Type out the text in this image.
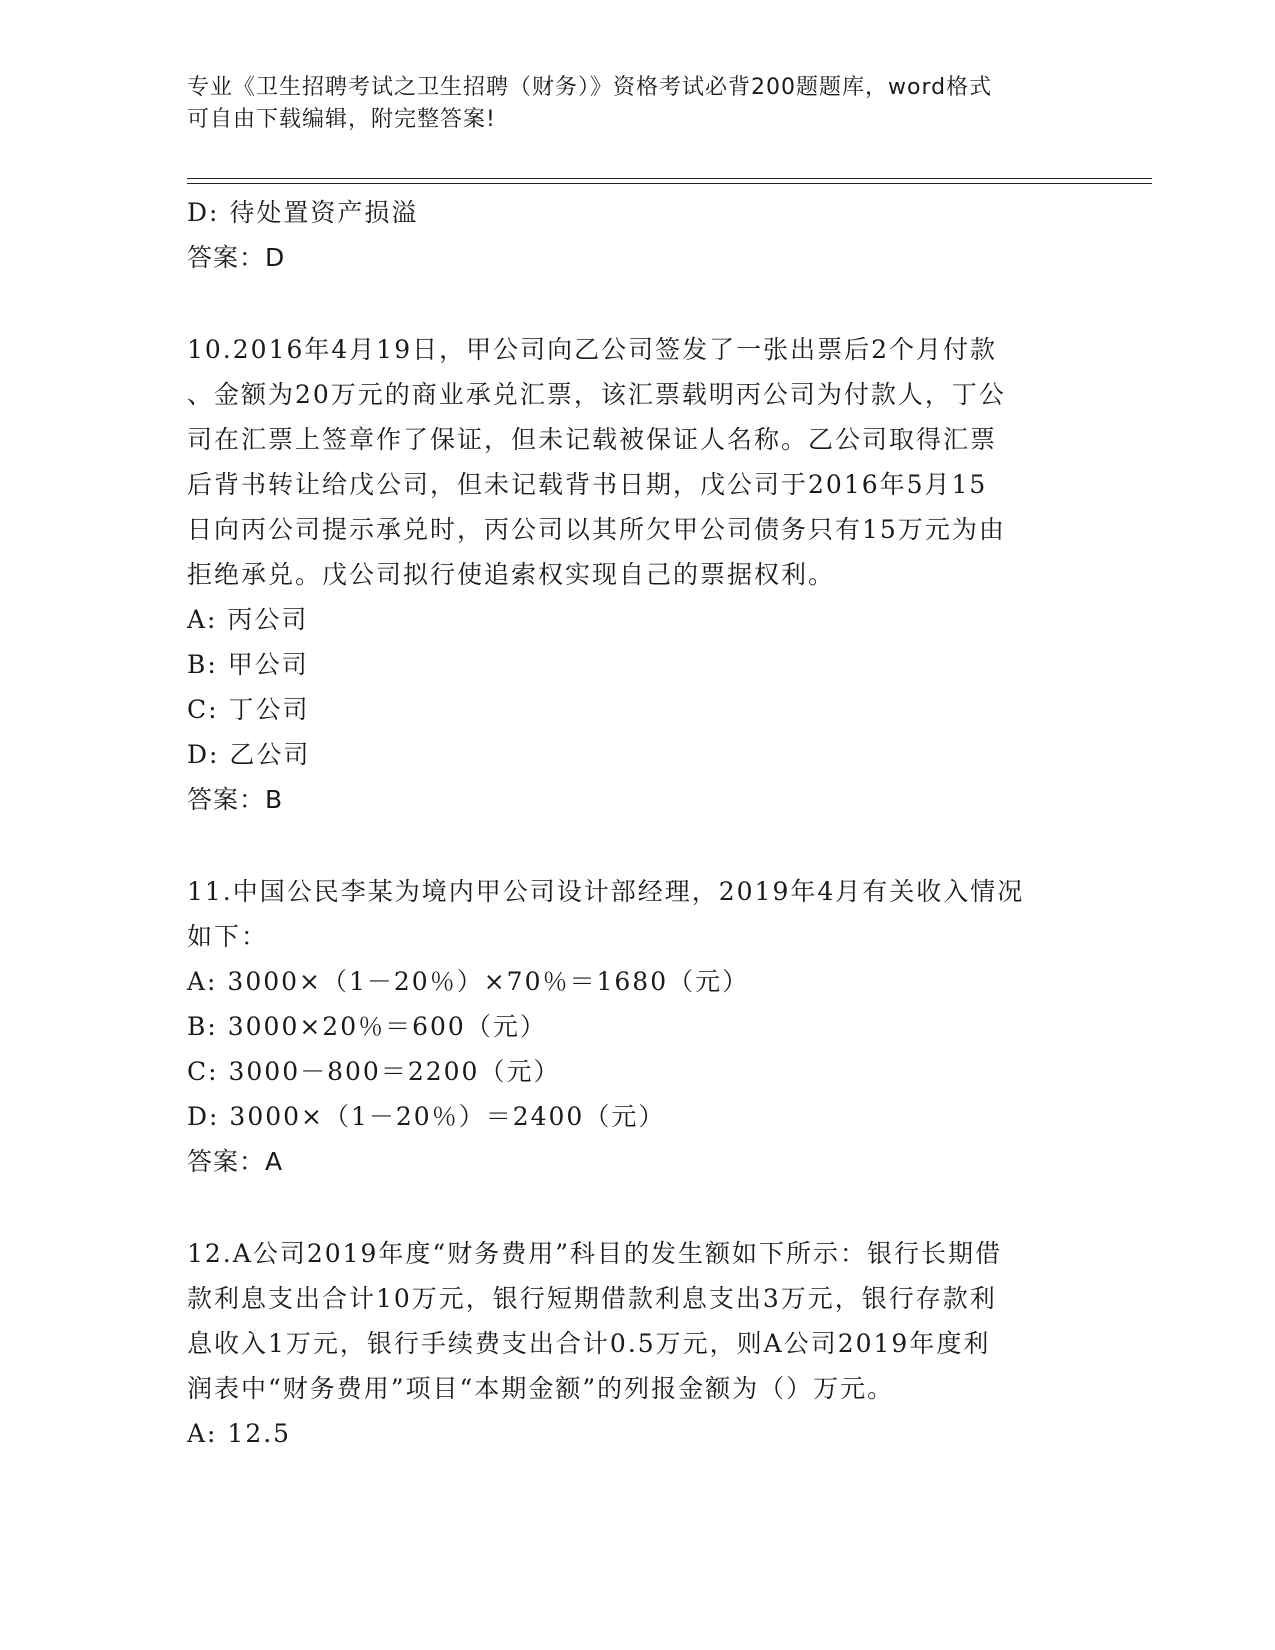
专业《卫生招聘考试之卫生招聘（财务）》资格考试必背200题题库，word格式
可自由下载编辑，附完整答案!
D: 待处置资产损溢
答案：D
10.2016年4月19日，甲公司向乙公司签发了一张出票后2个月付款
、金额为20万元的商业承兑汇票，该汇票载明丙公司为付款人，丁公
司在汇票上签章作了保证，但未记载被保证人名称。乙公司取得汇票
后背书转让给戊公司，但未记载背书日期，戊公司于2016年5月15
日向丙公司提示承兑时，丙公司以其所欠甲公司债务只有15万元为由
拒绝承兑。戊公司拟行使追索权实现自己的票据权利。
A: 丙公司
B: 甲公司
C: 丁公司
D: 乙公司
答案：B
11.中国公民李某为境内甲公司设计部经理，2019年4月有关收入情况
如下：
A: 3000×（1－20％）×70％＝1680（元）
B: 3000×20％＝600（元）
C: 3000－800＝2200（元）
D: 3000×（1－20％）＝2400（元）
答案：A
12.A公司2019年度“财务费用”科目的发生额如下所示：银行长期借
款利息支出合计10万元，银行短期借款利息支出3万元，银行存款利
息收入1万元，银行手续费支出合计0.5万元，则A公司2019年度利
润表中“财务费用”项目“本期金额”的列报金额为（）万元。
A: 12.5
